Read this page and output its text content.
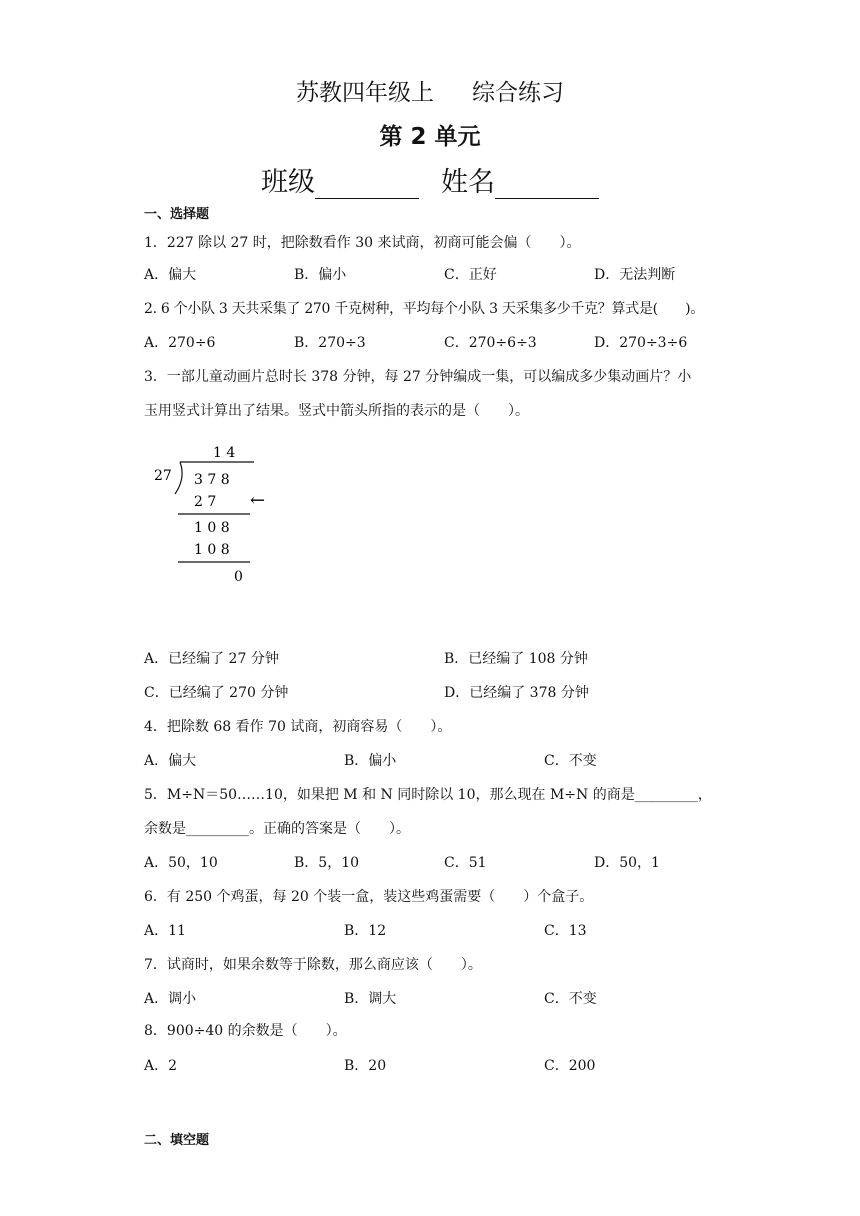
苏教四年级上 综合练习
第 2 单元
班级	姓名
一、选择题
1．227 除以 27 时，把除数看作 30 来试商，初商可能会偏（　　）。
A．偏大	B．偏小	C．正好	D．无法判断
2. 6 个小队 3 天共采集了 270 千克树种，平均每个小队 3 天采集多少千克？算式是(　　)。
A．270÷6	B．270÷3	C．270÷6÷3	D．270÷3÷6
3．一部儿童动画片总时长 378 分钟，每 27 分钟编成一集，可以编成多少集动画片？小
玉用竖式计算出了结果。竖式中箭头所指的表示的是（　　）。
1 4
27 3 7 8
2 7 ←
1 0 8
1 0 8
0
A．已经编了 27 分钟	B．已经编了 108 分钟
C．已经编了 270 分钟	D．已经编了 378 分钟
4．把除数 68 看作 70 试商，初商容易（　　）。
A．偏大	B．偏小	C．不变
5．M÷N＝50……10，如果把 M 和 N 同时除以 10，那么现在 M÷N 的商是_________，
余数是_________。正确的答案是（　　）。
A．50，10	B．5，10	C．51	D．50，1
6．有 250 个鸡蛋，每 20 个装一盒，装这些鸡蛋需要（　　）个盒子。
A．11	B．12	C．13
7．试商时，如果余数等于除数，那么商应该（　　）。
A．调小	B．调大	C．不变
8．900÷40 的余数是（　　）。
A．2	B．20	C．200
二、填空题
